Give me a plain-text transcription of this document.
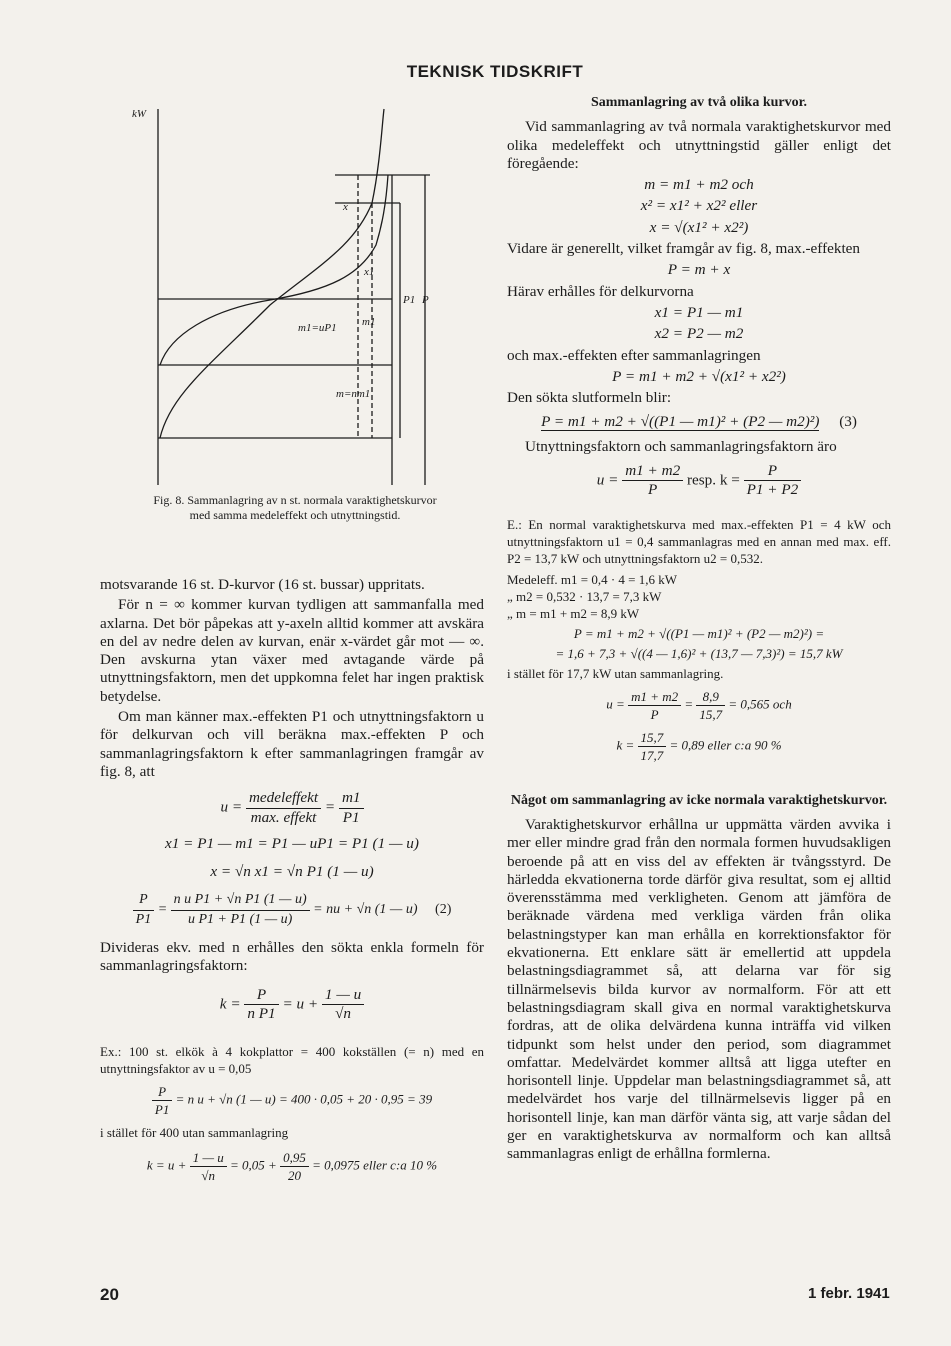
TEKNISK TIDSKRIFT
kW
x
x1
P1 P
m1=uP1 m1
m=nm1
Fig. 8. Sammanlagring av n st. normala varaktighetskurvor med samma medeleffekt och utnyttningstid.

motsvarande 16 st. D-kurvor (16 st. bussar) uppritats.

För n = ∞ kommer kurvan tydligen att sammanfalla med axlarna. Det bör påpekas att y-axeln alltid kommer att avskära en del av nedre delen av kurvan, enär x-värdet går mot — ∞. Den avskurna ytan växer med avtagande värde på utnyttningsfaktorn, men det uppkomna felet har ingen praktisk betydelse.

Om man känner max.-effekten P1 och utnyttningsfaktorn u för delkurvan och vill beräkna max.-effekten P och sammanlagringsfaktorn k efter sammanlagringen framgår av fig. 8, att

$u = \frac{\text{medeleffekt}}{\text{max. effekt}} = \frac{m1}{P1}$
x1 = P1 — m1 = P1 — uP1 = P1 (1 — u)
x = √n x1 = √n P1 (1 — u)
$\frac{P}{P1} = \frac{\text{n u P1 + √n P1 (1 — u)}}{\text{u P1 + P1 (1 — u)}}$ = nu + √n (1 — u) (2)

Divideras ekv. med n erhålles den sökta enkla formeln för sammanlagringsfaktorn:

$k = \frac{P}{\text{n P1}} = u + \frac{1 — u}{√n}$
Ex.: 100 st. elkök à 4 kokplattor = 400 kokställen (= n) med en utnyttningsfaktor av u = 0,05
$\frac{P}{P1} = n$ u + √n (1 — u) = 400 · 0,05 + 20 · 0,95 = 39
i stället för 400 utan sammanlagring
$k = u + \frac{1 — u}{√n} = 0,05 + \frac{0,95}{20} = 0,0975$ eller c:a 10 %
Sammanlagring av två olika kurvor.

Vid sammanlagring av två normala varaktighetskurvor med olika medeleffekt och utnyttningstid gäller enligt det föregående:

m = m1 + m2 och
x² = x1² + x2² eller
x = √(x1² + x2²)

Vidare är generellt, vilket framgår av fig. 8, max.-effekten

P = m + x

Härav erhålles för delkurvorna

x1 = P1 — m1
x2 = P2 — m2

och max.-effekten efter sammanlagringen

P = m1 + m2 + √(x1² + x2²)

Den sökta slutformeln blir:

P = m1 + m2 + √((P1 — m1)² + (P2 — m2)²) (3)

Utnyttningsfaktorn och sammanlagringsfaktorn äro

$u = \frac{m1 + m2}{P}$ resp. $k = \frac{P}{P1 + P2}$
E.: En normal varaktighetskurva med max.-effekten P1 = 4 kW och utnyttningsfaktorn u1 = 0,4 sammanlagras med en annan med max. eff. P2 = 13,7 kW och utnyttningsfaktorn u2 = 0,532.
Medeleff. m1 = 0,4 · 4 = 1,6 kW
„ m2 = 0,532 · 13,7 = 7,3 kW
„ m = m1 + m2 = 8,9 kW
P = m1 + m2 + √((P1 — m1)² + (P2 — m2)²) =
= 1,6 + 7,3 + √((4 — 1,6)² + (13,7 — 7,3)²) = 15,7 kW
i stället för 17,7 kW utan sammanlagring.
$u = \frac{m1 + m2}{P} = \frac{8,9}{15,7} = 0,565$ och
$k = \frac{15,7}{17,7} = 0,89$ eller c:a 90 %
Något om sammanlagring av icke normala varaktighetskurvor.

Varaktighetskurvor erhållna ur uppmätta värden avvika i mer eller mindre grad från den normala formen huvudsakligen beroende på att en viss del av effekten är tvångsstyrd. De härledda ekvationerna torde därför giva resultat, som ej alltid överensstämma med verkligheten. Genom att jämföra de beräknade värdena med verkliga värden från olika belastningstyper kan man erhålla en korrektionsfaktor för ekvationerna. Ett enklare sätt är emellertid att uppdela belastningsdiagrammet så, att delarna var för sig tillnärmelsevis bilda kurvor av normalform. För att ett belastningsdiagram skall giva en normal varaktighetskurva fordras, att de olika delvärdena kunna inträffa vid vilken tidpunkt som helst under den period, som diagrammet omfattar. Medelvärdet kommer alltså att ligga utefter en horisontell linje. Uppdelar man belastningsdiagrammet så, att medelvärdet hos varje del tillnärmelsevis ligger på en horisontell linje, kan man därför vänta sig, att varje sådan del ger en varaktighetskurva av normalform och kan alltså sammanlagras enligt de erhållna formlerna.

20	1 febr. 1941
